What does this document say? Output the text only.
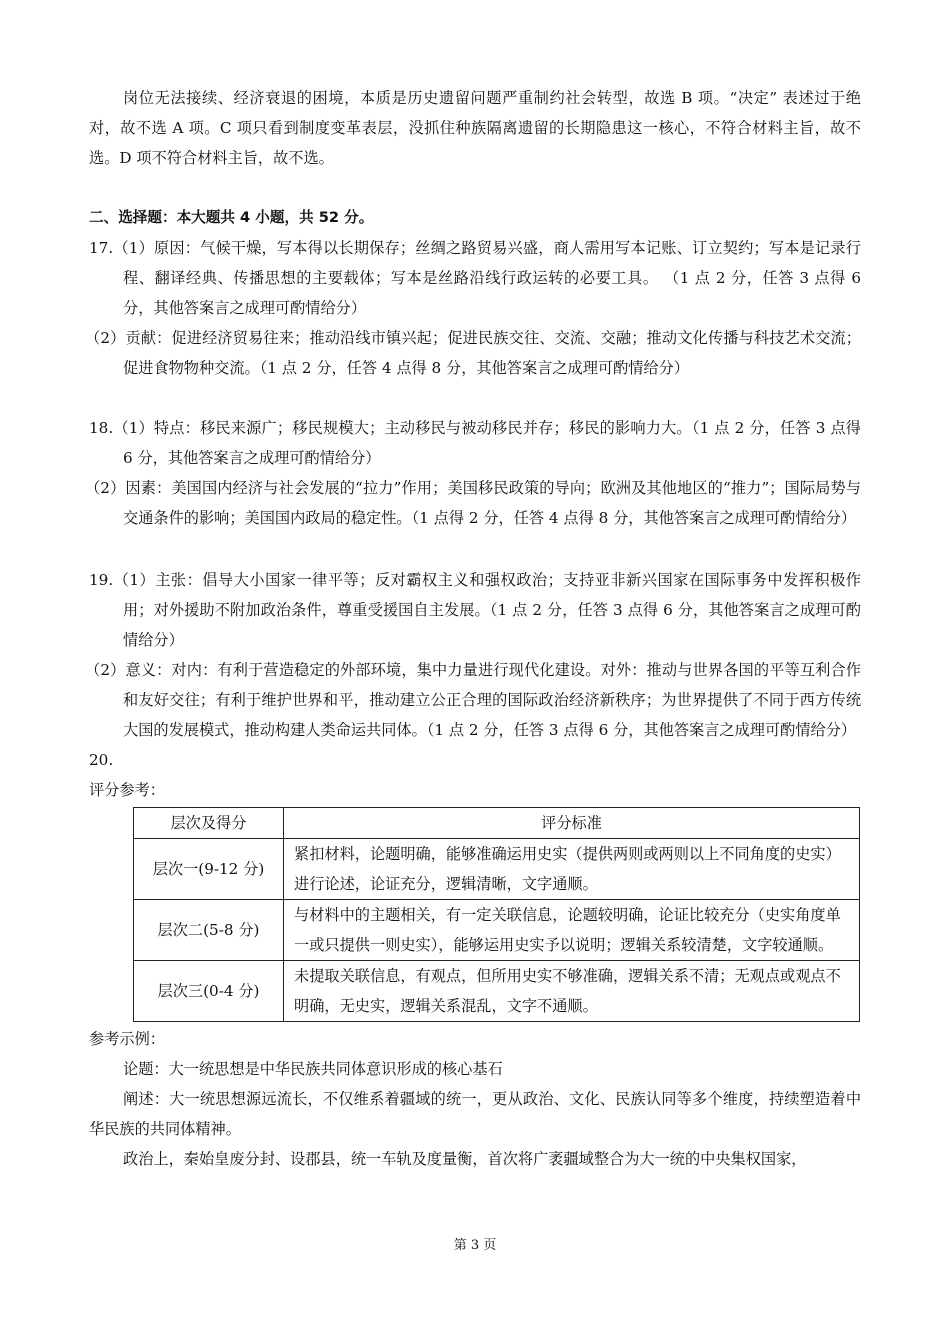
岗位无法接续、经济衰退的困境，本质是历史遗留问题严重制约社会转型，故选 B 项。“决定” 表述过于绝对，故不选 A 项。C 项只看到制度变革表层，没抓住种族隔离遗留的长期隐患这一核心，不符合材料主旨，故不选。D 项不符合材料主旨，故不选。

二、选择题：本大题共 4 小题，共 52 分。

17.（1）原因：气候干燥，写本得以长期保存；丝绸之路贸易兴盛，商人需用写本记账、订立契约；写本是记录行程、翻译经典、传播思想的主要载体；写本是丝路沿线行政运转的必要工具。 （1 点 2 分，任答 3 点得 6 分，其他答案言之成理可酌情给分）

（2）贡献：促进经济贸易往来；推动沿线市镇兴起；促进民族交往、交流、交融；推动文化传播与科技艺术交流；促进食物物种交流。（1 点 2 分，任答 4 点得 8 分，其他答案言之成理可酌情给分）

18.（1）特点：移民来源广；移民规模大；主动移民与被动移民并存；移民的影响力大。（1 点 2 分，任答 3 点得 6 分，其他答案言之成理可酌情给分）

（2）因素：美国国内经济与社会发展的“拉力”作用；美国移民政策的导向；欧洲及其他地区的“推力”；国际局势与交通条件的影响；美国国内政局的稳定性。（1 点得 2 分，任答 4 点得 8 分，其他答案言之成理可酌情给分）

19.（1）主张：倡导大小国家一律平等；反对霸权主义和强权政治；支持亚非新兴国家在国际事务中发挥积极作用；对外援助不附加政治条件，尊重受援国自主发展。（1 点 2 分，任答 3 点得 6 分，其他答案言之成理可酌情给分）

（2）意义：对内：有利于营造稳定的外部环境，集中力量进行现代化建设。对外：推动与世界各国的平等互利合作和友好交往；有利于维护世界和平，推动建立公正合理的国际政治经济新秩序；为世界提供了不同于西方传统大国的发展模式，推动构建人类命运共同体。（1 点 2 分，任答 3 点得 6 分，其他答案言之成理可酌情给分）

20.

评分参考：

层次及得分	评分标准
层次一(9-12 分)	紧扣材料，论题明确，能够准确运用史实（提供两则或两则以上不同角度的史实）进行论述，论证充分，逻辑清晰，文字通顺。
层次二(5-8 分)	与材料中的主题相关，有一定关联信息，论题较明确，论证比较充分（史实角度单一或只提供一则史实），能够运用史实予以说明；逻辑关系较清楚，文字较通顺。
层次三(0-4 分)	未提取关联信息，有观点，但所用史实不够准确，逻辑关系不清；无观点或观点不明确，无史实，逻辑关系混乱，文字不通顺。

参考示例：

论题：大一统思想是中华民族共同体意识形成的核心基石

阐述：大一统思想源远流长，不仅维系着疆域的统一，更从政治、文化、民族认同等多个维度，持续塑造着中华民族的共同体精神。

政治上，秦始皇废分封、设郡县，统一车轨及度量衡，首次将广袤疆域整合为大一统的中央集权国家，

第 3 页
